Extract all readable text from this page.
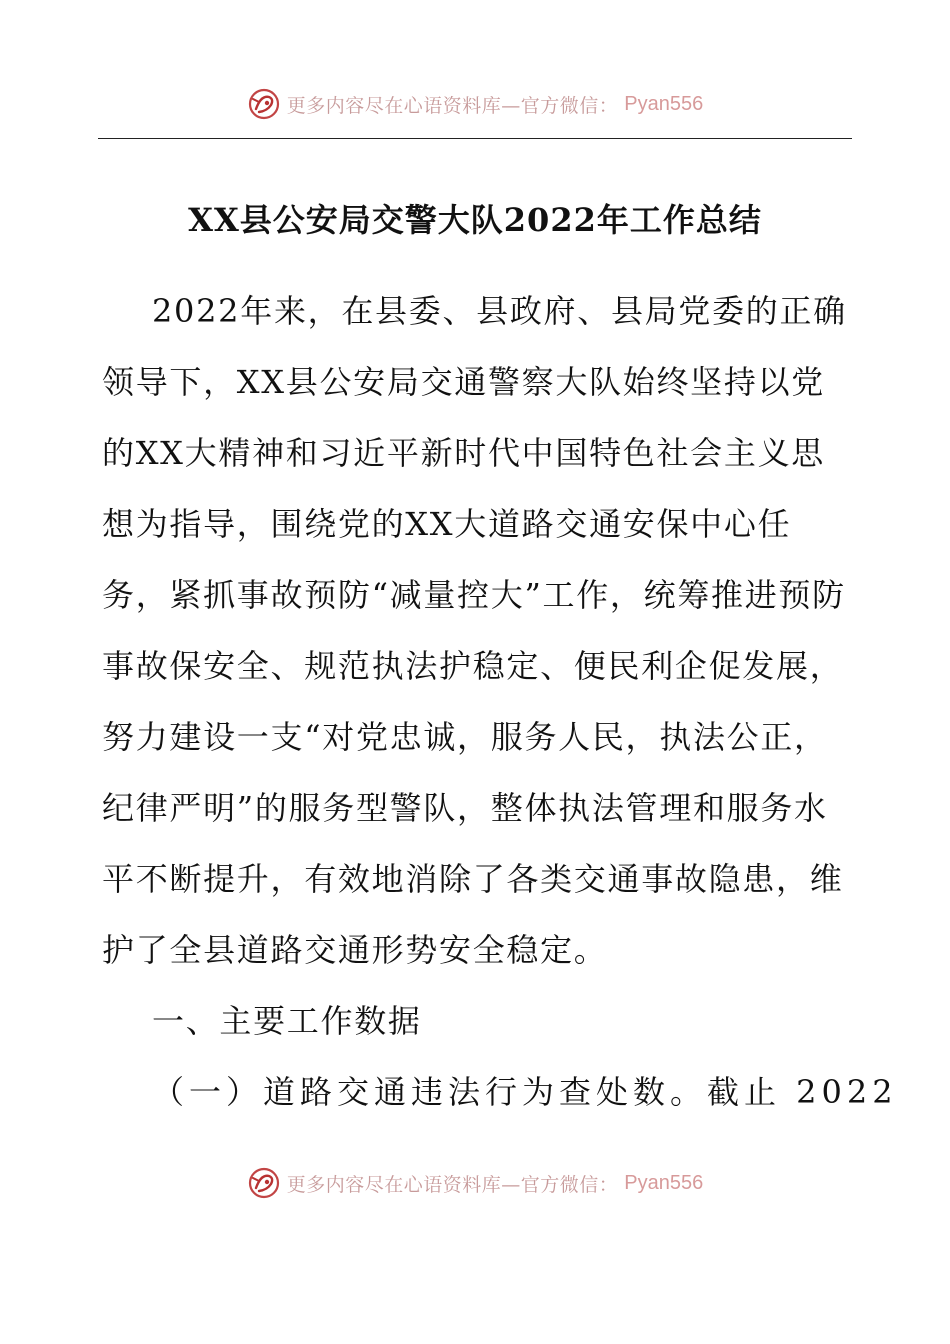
更多内容尽在心语资料库—官方微信： Pyan556
XX县公安局交警大队2022年工作总结

2022年来，在县委、县政府、县局党委的正确领导下，XX县公安局交通警察大队始终坚持以党的XX大精神和习近平新时代中国特色社会主义思想为指导，围绕党的XX大道路交通安保中心任务，紧抓事故预防“减量控大”工作，统筹推进预防事故保安全、规范执法护稳定、便民利企促发展，努力建设一支“对党忠诚，服务人民，执法公正，纪律严明”的服务型警队，整体执法管理和服务水平不断提升，有效地消除了各类交通事故隐患，维护了全县道路交通形势安全稳定。

一、主要工作数据

（一）道路交通违法行为查处数。截止 2022

更多内容尽在心语资料库—官方微信： Pyan556
